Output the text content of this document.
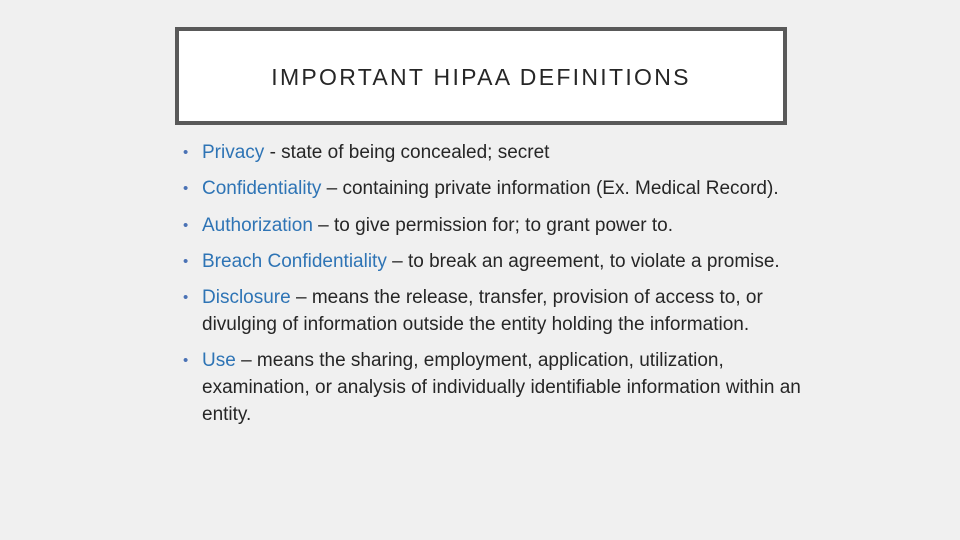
IMPORTANT HIPAA DEFINITIONS
• Privacy - state of being concealed; secret
• Confidentiality – containing private information (Ex. Medical Record).
• Authorization – to give permission for; to grant power to.
• Breach Confidentiality – to break an agreement, to violate a promise.
• Disclosure – means the release, transfer, provision of access to, or divulging of information outside the entity holding the information.
• Use – means the sharing, employment, application, utilization, examination, or analysis of individually identifiable information within an entity.
